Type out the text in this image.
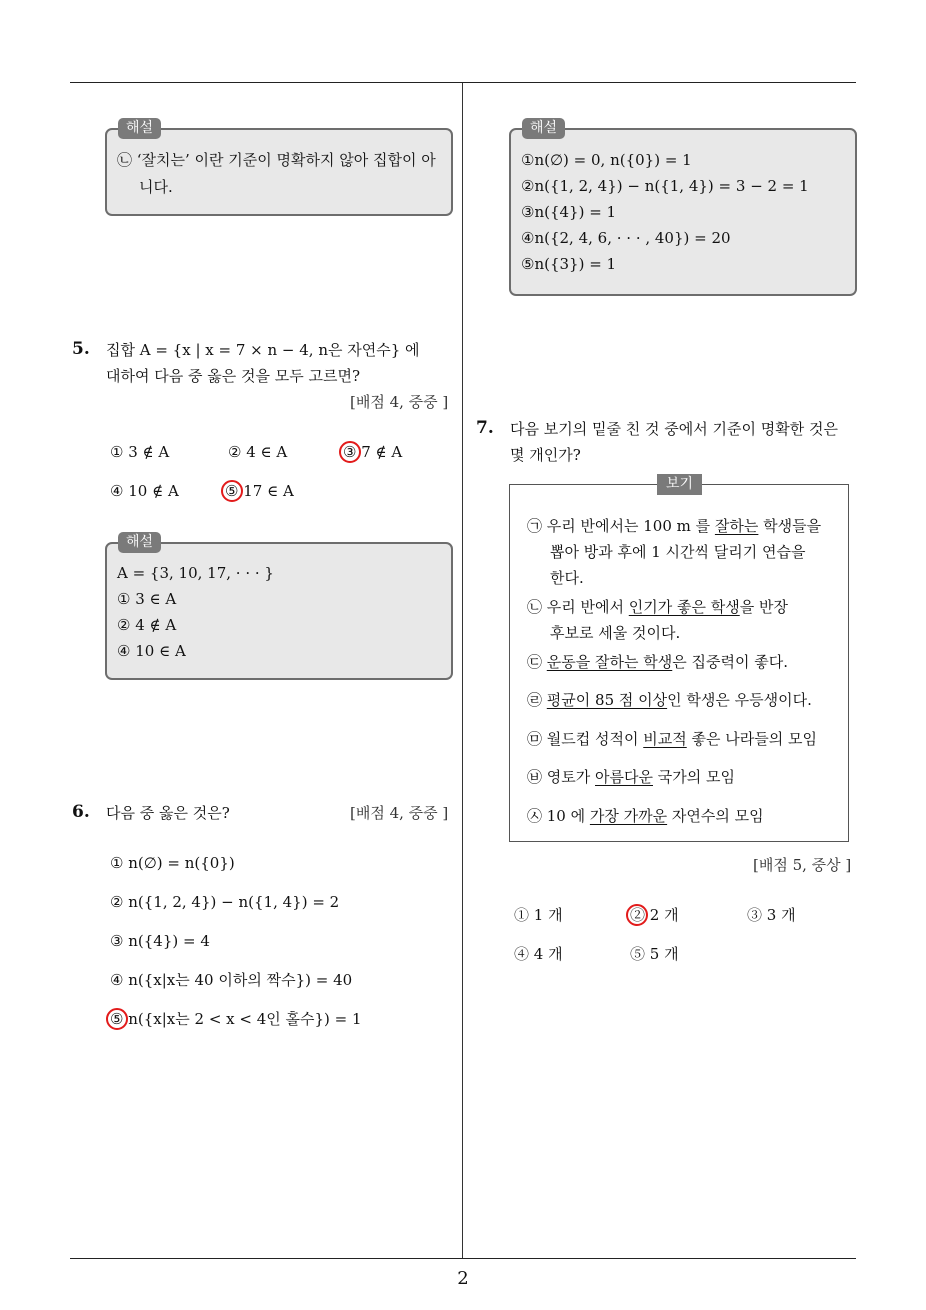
2
해설
㉡ ‘잘치는’ 이란 기준이 명확하지 않아 집합이 아
니다.
5. 집합 A = {x | x = 7 × n − 4, n은 자연수} 에
대하여 다음 중 옳은 것을 모두 고르면?
[배점 4, 중중 ]
① 3 ∉ A	② 4 ∈ A	③ 7 ∉ A
④ 10 ∉ A	⑤ 17 ∈ A
해설
A = {3, 10, 17, · · · }
① 3 ∈ A
② 4 ∉ A
④ 10 ∈ A
6. 다음 중 옳은 것은?	[배점 4, 중중 ]
① n(∅) = n({0})
② n({1, 2, 4}) − n({1, 4}) = 2
③ n({4}) = 4
④ n({x|x는 40 이하의 짝수}) = 40
⑤ n({x|x는 2 < x < 4인 홀수}) = 1
해설
①n(∅) = 0, n({0}) = 1
②n({1, 2, 4}) − n({1, 4}) = 3 − 2 = 1
③n({4}) = 1
④n({2, 4, 6, · · · , 40}) = 20
⑤n({3}) = 1
7. 다음 보기의 밑줄 친 것 중에서 기준이 명확한 것은
몇 개인가?
보기
㉠ 우리 반에서는 100 m 를 잘하는 학생들을
뽑아 방과 후에 1 시간씩 달리기 연습을
한다.
㉡ 우리 반에서 인기가 좋은 학생을 반장
후보로 세울 것이다.
㉢ 운동을 잘하는 학생은 집중력이 좋다.
㉣ 평균이 85 점 이상인 학생은 우등생이다.
㉤ 월드컵 성적이 비교적 좋은 나라들의 모임
㉥ 영토가 아름다운 국가의 모임
㉦ 10 에 가장 가까운 자연수의 모임
[배점 5, 중상 ]
① 1 개	② 2 개	③ 3 개
④ 4 개	⑤ 5 개
